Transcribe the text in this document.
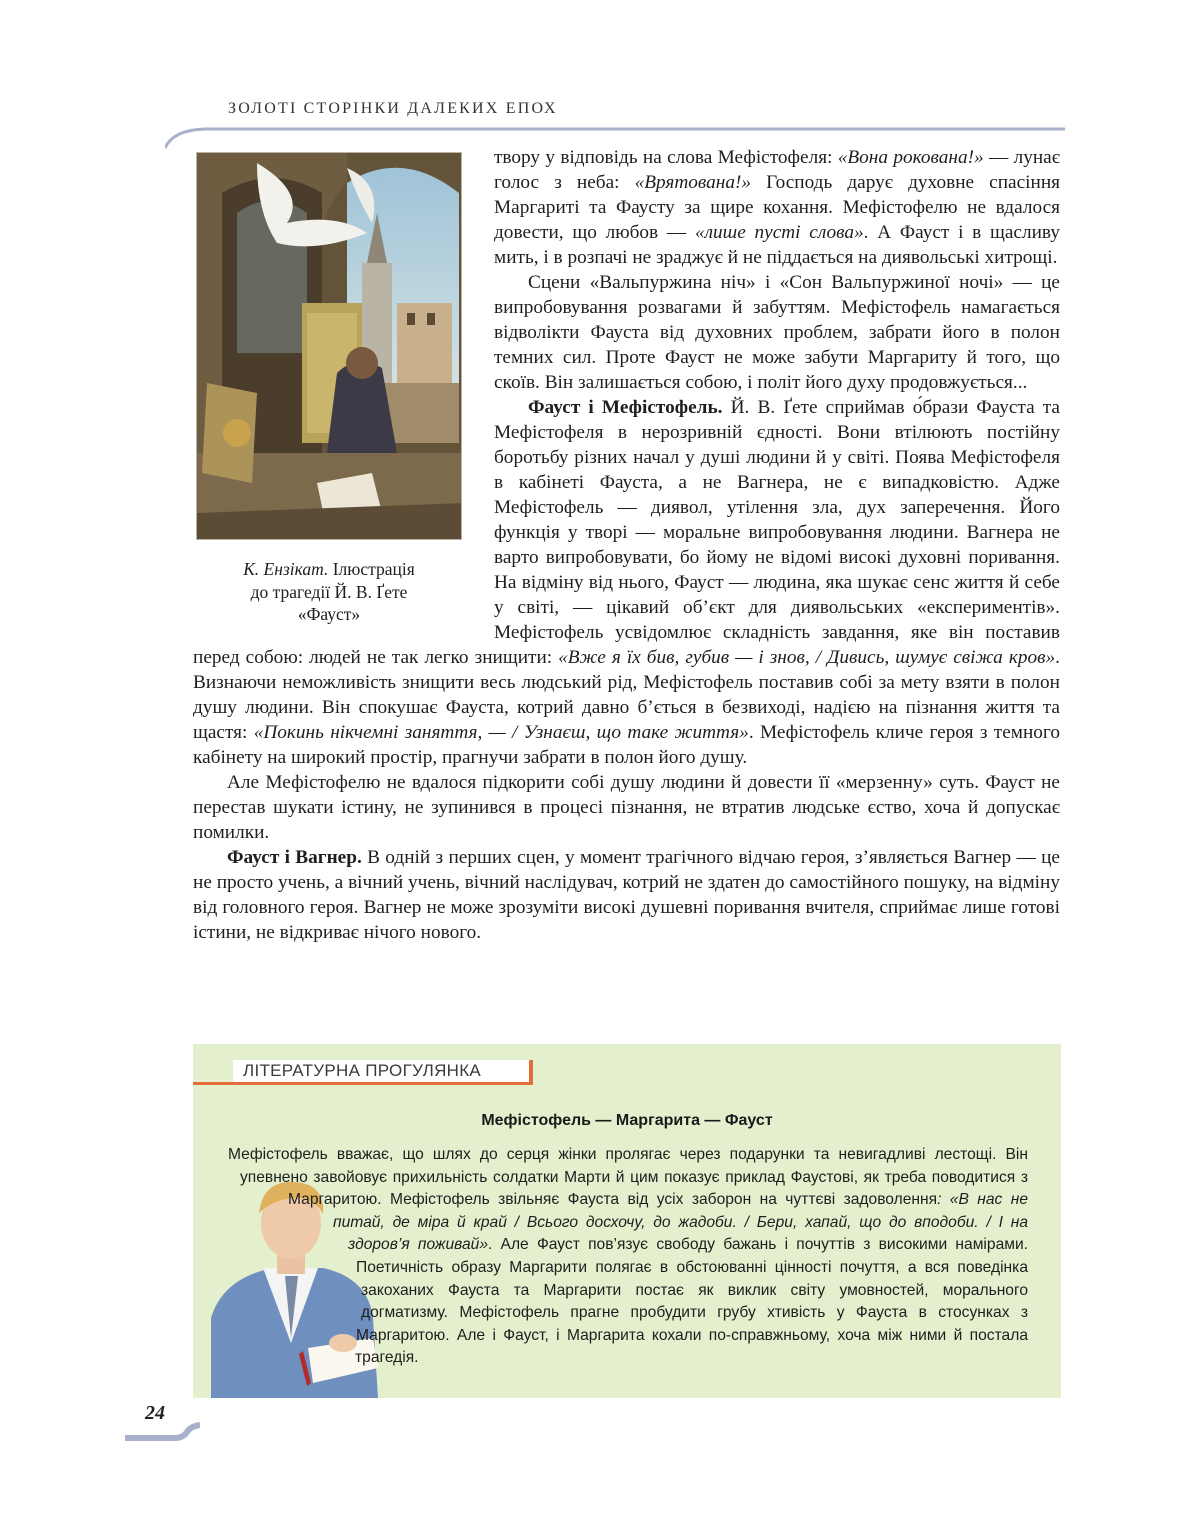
ЗОЛОТІ СТОРІНКИ ДАЛЕКИХ ЕПОХ
К. Ензікат. Ілюстрація
до трагедії Й. В. Ґете
«Фауст»

твору у відповідь на слова Мефістофеля: «Вона рокована!» — лунає голос з неба: «Врятована!» Господь дарує духовне спасіння Маргариті та Фаусту за щире кохання. Мефістофелю не вдалося довести, що любов — «лише пусті слова». А Фауст і в щасливу мить, і в розпачі не зраджує й не піддається на диявольські хитрощі.

Сцени «Вальпуржина ніч» і «Сон Вальпуржиної ночі» — це випробовування розвагами й забуттям. Мефістофель намагається відволікти Фауста від духовних проблем, забрати його в полон темних сил. Проте Фауст не може забути Маргариту й того, що скоїв. Він залишається собою, і політ його духу продовжується...

Фауст і Мефістофель. Й. В. Ґете сприймав о́брази Фауста та Мефістофеля в нерозривній єдності. Вони втілюють постійну боротьбу різних начал у душі людини й у світі. Поява Мефістофеля в кабінеті Фауста, а не Вагнера, не є випадковістю. Адже Мефістофель — диявол, утілення зла, дух заперечення. Його функція у творі — моральне випробовування людини. Вагнера не варто випробовувати, бо йому не відомі високі духовні поривання. На відміну від нього, Фауст — людина, яка шукає сенс життя й себе у світі, — цікавий об’єкт для диявольських «експериментів». Мефістофель усвідомлює складність завдання, яке він поставив перед собою: людей не так легко знищити: «Вже я їх бив, губив — і знов, / Дивись, шумує свіжа кров». Визнаючи неможливість знищити весь людський рід, Мефістофель поставив собі за мету взяти в полон душу людини. Він спокушає Фауста, котрий давно б’ється в безвиході, надією на пізнання життя та щастя: «Покинь нікчемні заняття, — / Узнаєш, що таке життя». Мефістофель кличе героя з темного кабінету на широкий простір, прагнучи забрати в полон його душу.

Але Мефістофелю не вдалося підкорити собі душу людини й довести її «мерзенну» суть. Фауст не перестав шукати істину, не зупинився в процесі пізнання, не втратив людське єство, хоча й допускає помилки.

Фауст і Вагнер. В одній з перших сцен, у момент трагічного відчаю героя, з’являється Вагнер — це не просто учень, а вічний учень, вічний наслідувач, котрий не здатен до самостійного пошуку, на відміну від головного героя. Вагнер не може зрозуміти високі душевні поривання вчителя, сприймає лише готові істини, не відкриває нічого нового.

ЛІТЕРАТУРНА ПРОГУЛЯНКА
Мефістофель — Маргарита — Фауст
Мефістофель вважає, що шлях до серця жінки пролягає через подарунки та невигадливі лестощі. Він упевнено завойовує прихильність солдатки Марти й цим показує приклад Фаустові, як треба поводитися з Маргаритою. Мефістофель звільняє Фауста від усіх заборон на чуттєві задоволення: «В нас не питай, де міра й край / Всього досхочу, до жадоби. / Бери, хапай, що до вподоби. / І на здоров’я поживай». Але Фауст пов’язує свободу бажань і почуттів з високими намірами. Поетичність образу Маргарити полягає в обстоюванні цінності почуття, а вся поведінка закоханих Фауста та Маргарити постає як виклик світу умовностей, морального догматизму. Мефістофель прагне пробудити грубу хтивість у Фауста в стосунках з Маргаритою. Але і Фауст, і Маргарита кохали по-справжньому, хоча між ними й постала трагедія.
24
